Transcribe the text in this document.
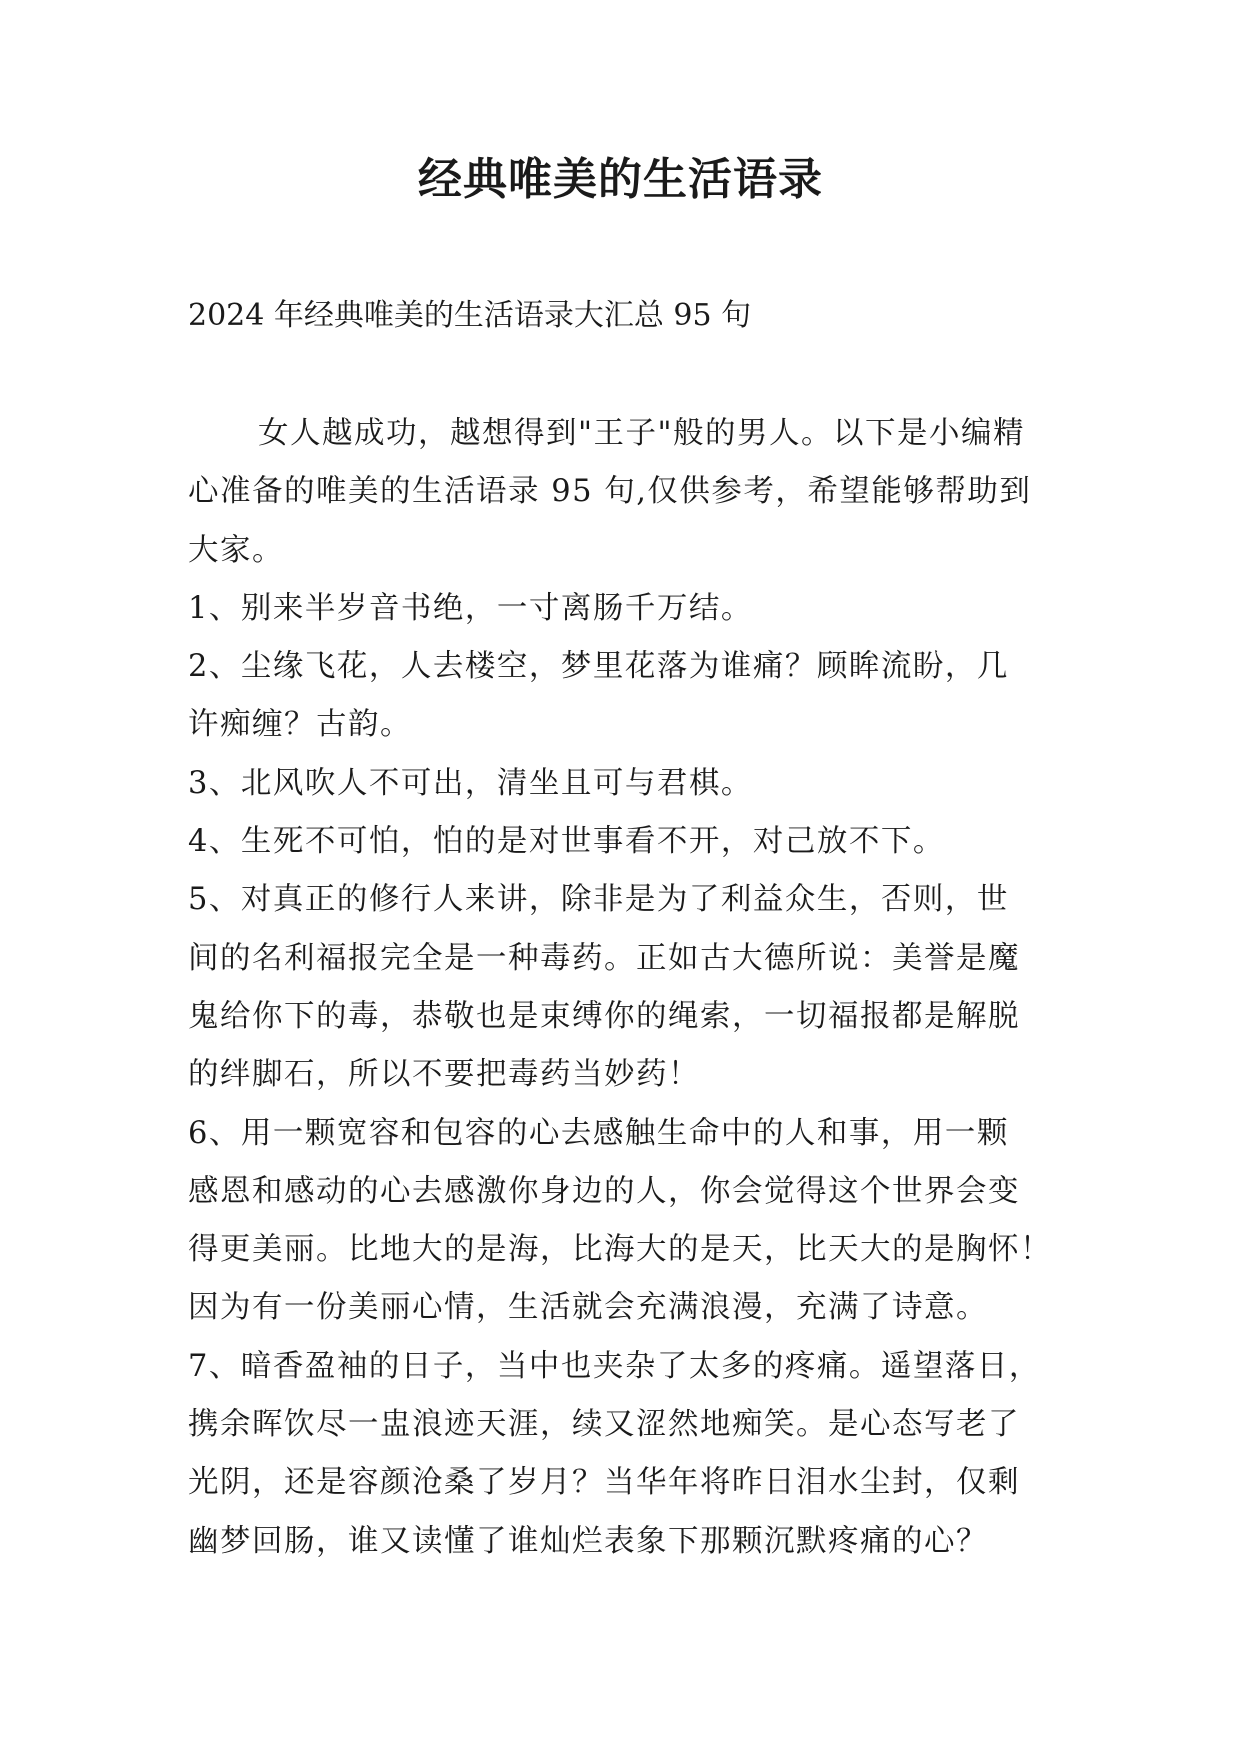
经典唯美的生活语录
2024 年经典唯美的生活语录大汇总 95 句
女人越成功，越想得到"王子"般的男人。以下是小编精
心准备的唯美的生活语录 95 句,仅供参考，希望能够帮助到
大家。
1、别来半岁音书绝，一寸离肠千万结。
2、尘缘飞花，人去楼空，梦里花落为谁痛？顾眸流盼，几
许痴缠？古韵。
3、北风吹人不可出，清坐且可与君棋。
4、生死不可怕，怕的是对世事看不开，对己放不下。
5、对真正的修行人来讲，除非是为了利益众生，否则，世
间的名利福报完全是一种毒药。正如古大德所说：美誉是魔
鬼给你下的毒，恭敬也是束缚你的绳索，一切福报都是解脱
的绊脚石，所以不要把毒药当妙药！
6、用一颗宽容和包容的心去感触生命中的人和事，用一颗
感恩和感动的心去感激你身边的人，你会觉得这个世界会变
得更美丽。比地大的是海，比海大的是天，比天大的是胸怀！
因为有一份美丽心情，生活就会充满浪漫，充满了诗意。
7、暗香盈袖的日子，当中也夹杂了太多的疼痛。遥望落日，
携余晖饮尽一盅浪迹天涯，续又涩然地痴笑。是心态写老了
光阴，还是容颜沧桑了岁月？当华年将昨日泪水尘封，仅剩
幽梦回肠，谁又读懂了谁灿烂表象下那颗沉默疼痛的心？
